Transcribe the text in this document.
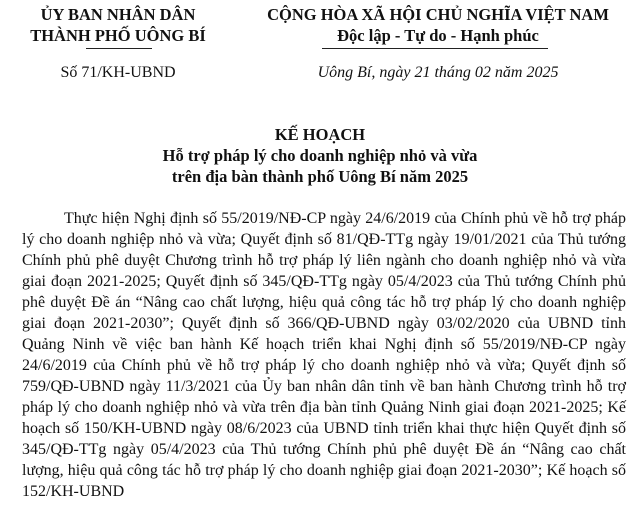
ỦY BAN NHÂN DÂN
THÀNH PHỐ UÔNG BÍ
CỘNG HÒA XÃ HỘI CHỦ NGHĨA VIỆT NAM
Độc lập - Tự do - Hạnh phúc
Số 71/KH-UBND	Uông Bí, ngày 21 tháng 02 năm 2025
KẾ HOẠCH
Hỗ trợ pháp lý cho doanh nghiệp nhỏ và vừa
trên địa bàn thành phố Uông Bí năm 2025

Thực hiện Nghị định số 55/2019/NĐ-CP ngày 24/6/2019 của Chính phủ về hỗ trợ pháp lý cho doanh nghiệp nhỏ và vừa; Quyết định số 81/QĐ-TTg ngày 19/01/2021 của Thủ tướng Chính phủ phê duyệt Chương trình hỗ trợ pháp lý liên ngành cho doanh nghiệp nhỏ và vừa giai đoạn 2021-2025; Quyết định số 345/QĐ-TTg ngày 05/4/2023 của Thủ tướng Chính phủ phê duyệt Đề án “Nâng cao chất lượng, hiệu quả công tác hỗ trợ pháp lý cho doanh nghiệp giai đoạn 2021-2030”; Quyết định số 366/QĐ-UBND ngày 03/02/2020 của UBND tỉnh Quảng Ninh về việc ban hành Kế hoạch triển khai Nghị định số 55/2019/NĐ-CP ngày 24/6/2019 của Chính phủ về hỗ trợ pháp lý cho doanh nghiệp nhỏ và vừa; Quyết định số 759/QĐ-UBND ngày 11/3/2021 của Ủy ban nhân dân tỉnh về ban hành Chương trình hỗ trợ pháp lý cho doanh nghiệp nhỏ và vừa trên địa bàn tỉnh Quảng Ninh giai đoạn 2021-2025; Kế hoạch số 150/KH-UBND ngày 08/6/2023 của UBND tỉnh triển khai thực hiện Quyết định số 345/QĐ-TTg ngày 05/4/2023 của Thủ tướng Chính phủ phê duyệt Đề án “Nâng cao chất lượng, hiệu quả công tác hỗ trợ pháp lý cho doanh nghiệp giai đoạn 2021-2030”; Kế hoạch số 152/KH-UBND
